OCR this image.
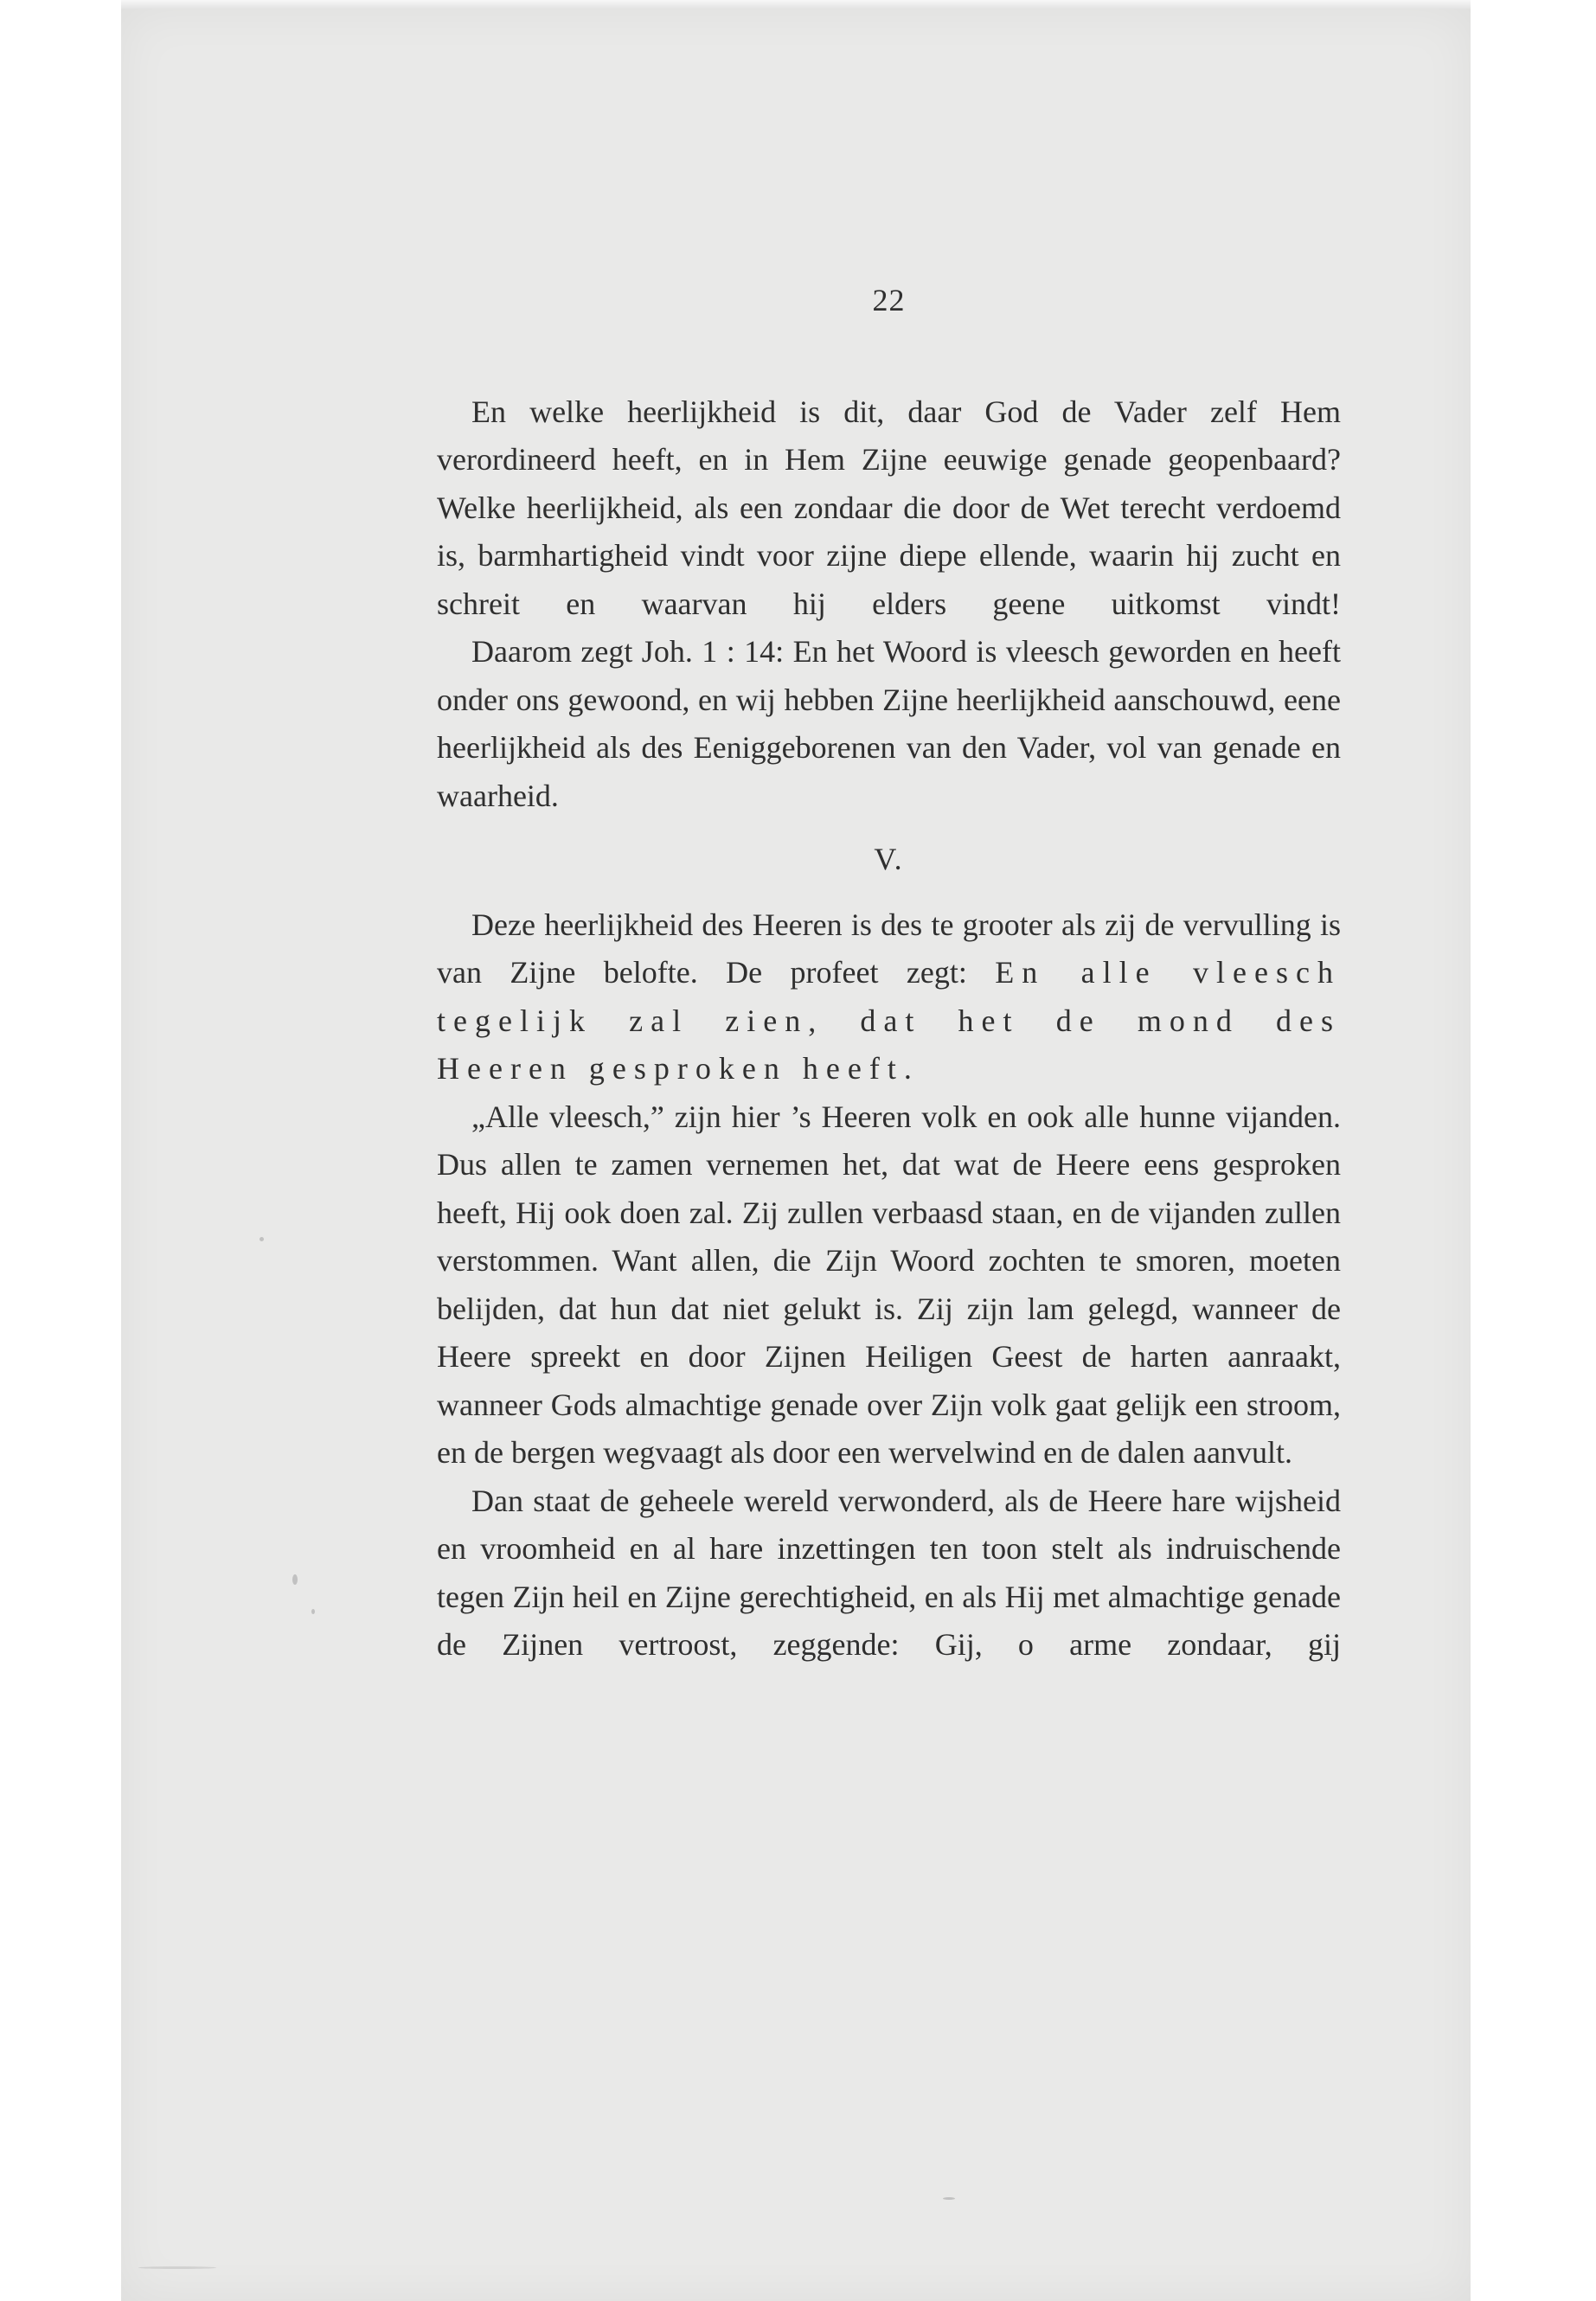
22

En welke heerlijkheid is dit, daar God de Vader zelf Hem verordineerd heeft, en in Hem Zijne eeuwige genade geopenbaard? Welke heerlijkheid, als een zondaar die door de Wet terecht verdoemd is, barmhartigheid vindt voor zijne diepe ellende, waarin hij zucht en schreit en waarvan hij elders geene uitkomst vindt!

Daarom zegt Joh. 1 : 14: En het Woord is vleesch geworden en heeft onder ons gewoond, en wij hebben Zijne heerlijkheid aanschouwd, eene heerlijkheid als des Eeniggeborenen van den Vader, vol van genade en waarheid.

V.

Deze heerlijkheid des Heeren is des te grooter als zij de vervulling is van Zijne belofte. De profeet zegt: En alle vleesch tegelijk zal zien, dat het de mond des Heeren gesproken heeft.

„Alle vleesch,” zijn hier ’s Heeren volk en ook alle hunne vijanden. Dus allen te zamen vernemen het, dat wat de Heere eens gesproken heeft, Hij ook doen zal. Zij zullen verbaasd staan, en de vijanden zullen verstommen. Want allen, die Zijn Woord zochten te smoren, moeten belijden, dat hun dat niet gelukt is. Zij zijn lam gelegd, wanneer de Heere spreekt en door Zijnen Heiligen Geest de harten aanraakt, wanneer Gods almachtige genade over Zijn volk gaat gelijk een stroom, en de bergen wegvaagt als door een wervelwind en de dalen aanvult.

Dan staat de geheele wereld verwonderd, als de Heere hare wijsheid en vroomheid en al hare inzettingen ten toon stelt als indruischende tegen Zijn heil en Zijne gerechtigheid, en als Hij met almachtige genade de Zijnen vertroost, zeggende: Gij, o arme zondaar, gij
